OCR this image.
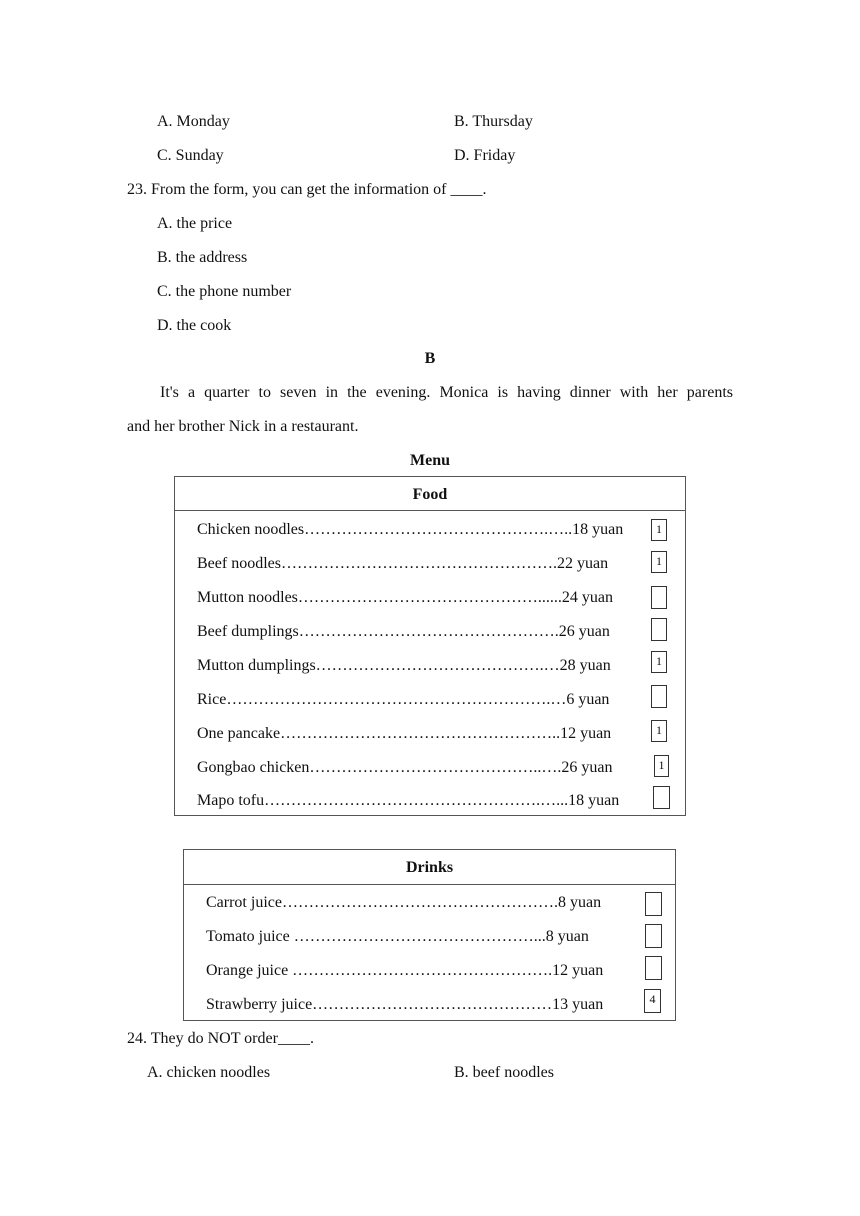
A. Monday	B. Thursday
C. Sunday	D. Friday
23. From the form, you can get the information of ____.
A. the price
B. the address
C. the phone number
D. the cook
B
It's a quarter to seven in the evening. Monica is having dinner with her parents
and her brother Nick in a restaurant.
Menu
Food
Chicken noodles……………………………………….…..18 yuan	1
Beef noodles…………………………………………….22 yuan	1
Mutton noodles………………………………………......24 yuan
Beef dumplings………………………………………….26 yuan
Mutton dumplings…………………………………….…28 yuan	1
Rice…………………………………………………….…6 yuan
One pancake……………………………………………..12 yuan	1
Gongbao chicken……………………………………..….26 yuan	1
Mapo tofu…………………………………………….…...18 yuan
Drinks
Carrot juice…………………………………………….8 yuan
Tomato juice ………………………………………...8 yuan
Orange juice ………………………………………….12 yuan
Strawberry juice………………………………………13 yuan	4
24. They do NOT order____.
A. chicken noodles	B. beef noodles
